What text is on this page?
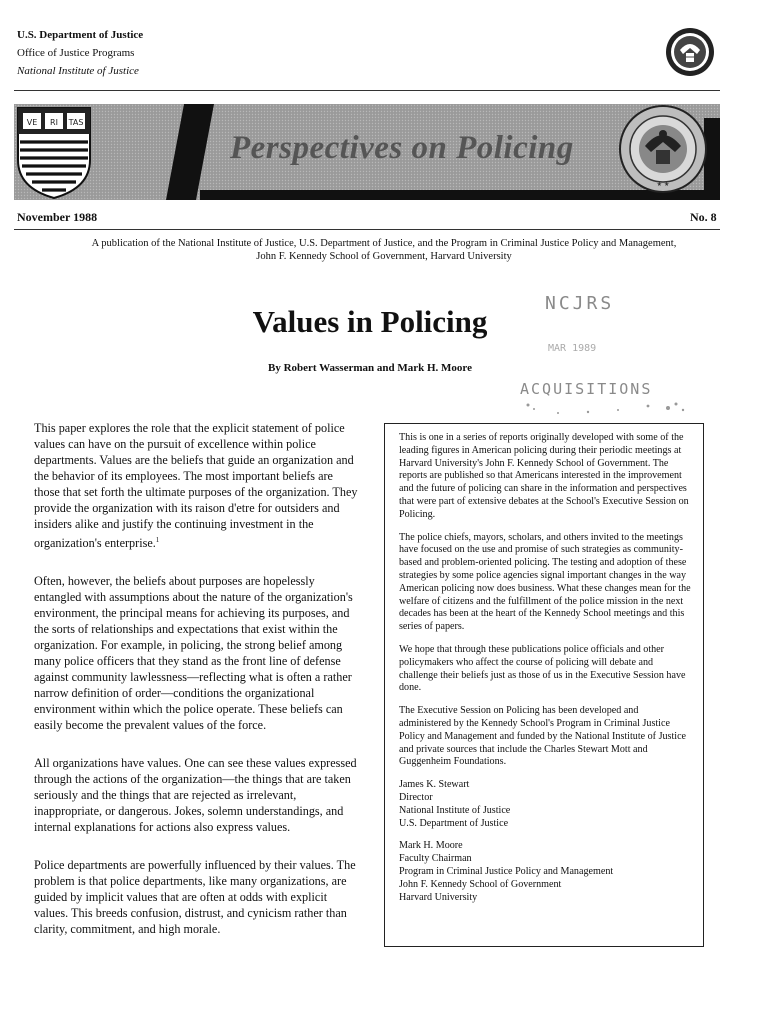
U.S. Department of Justice
Office of Justice Programs
National Institute of Justice
VE RI TAS
Perspectives on Policing
★ ★
November 1988	No. 8
A publication of the National Institute of Justice, U.S. Department of Justice, and the Program in Criminal Justice Policy and Management,
John F. Kennedy School of Government, Harvard University
NCJRS
MAR 1989
ACQUISITIONS
Values in Policing
By Robert Wasserman and Mark H. Moore

This paper explores the role that the explicit statement of police values can have on the pursuit of excellence within police departments. Values are the beliefs that guide an organization and the behavior of its employees. The most important beliefs are those that set forth the ultimate purposes of the organization. They provide the organization with its raison d'etre for outsiders and insiders alike and justify the continuing investment in the organization's enterprise.$^1$

Often, however, the beliefs about purposes are hopelessly entangled with assumptions about the nature of the organization's environment, the principal means for achieving its purposes, and the sorts of relationships and expectations that exist within the organization. For example, in policing, the strong belief among many police officers that they stand as the front line of defense against community lawlessness—reflecting what is often a rather narrow definition of order—conditions the organizational environment within which the police operate. These beliefs can easily become the prevalent values of the force.

All organizations have values. One can see these values expressed through the actions of the organization—the things that are taken seriously and the things that are rejected as irrelevant, inappropriate, or dangerous. Jokes, solemn understandings, and internal explanations for actions also express values.

Police departments are powerfully influenced by their values. The problem is that police departments, like many organizations, are guided by implicit values that are often at odds with explicit values. This breeds confusion, distrust, and cynicism rather than clarity, commitment, and high morale.

This is one in a series of reports originally developed with some of the leading figures in American policing during their periodic meetings at Harvard University's John F. Kennedy School of Government. The reports are published so that Americans interested in the improvement and the future of policing can share in the information and perspectives that were part of extensive debates at the School's Executive Session on Policing.

The police chiefs, mayors, scholars, and others invited to the meetings have focused on the use and promise of such strategies as community-based and problem-oriented policing. The testing and adoption of these strategies by some police agencies signal important changes in the way American policing now does business. What these changes mean for the welfare of citizens and the fulfillment of the police mission in the next decades has been at the heart of the Kennedy School meetings and this series of papers.

We hope that through these publications police officials and other policymakers who affect the course of policing will debate and challenge their beliefs just as those of us in the Executive Session have done.

The Executive Session on Policing has been developed and administered by the Kennedy School's Program in Criminal Justice Policy and Management and funded by the National Institute of Justice and private sources that include the Charles Stewart Mott and Guggenheim Foundations.

James K. Stewart
Director
National Institute of Justice
U.S. Department of Justice
Mark H. Moore
Faculty Chairman
Program in Criminal Justice Policy and Management
John F. Kennedy School of Government
Harvard University
